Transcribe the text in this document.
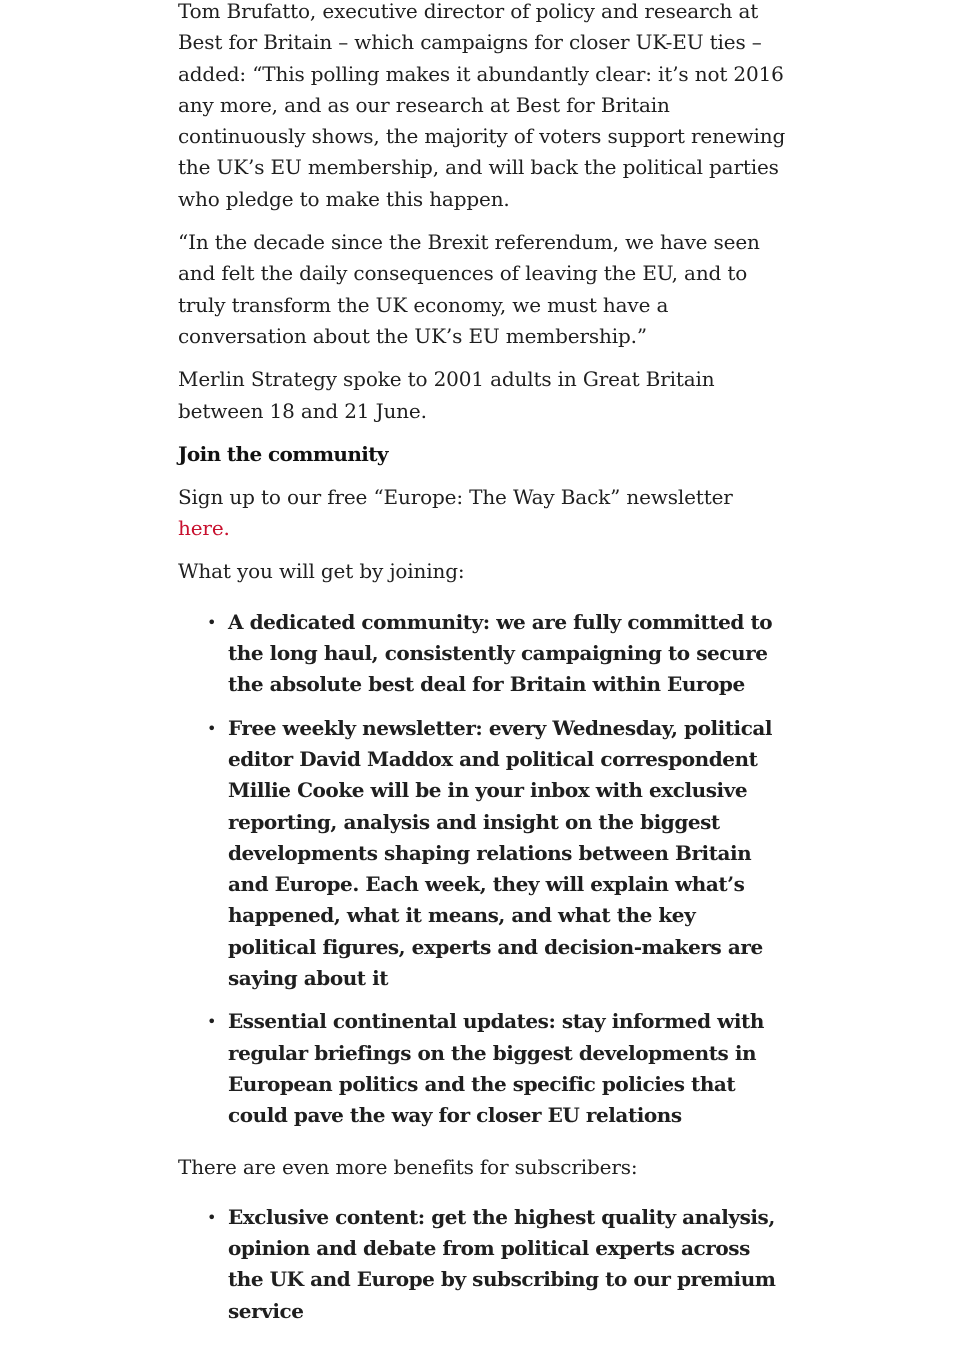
Tom Brufatto, executive director of policy and research at Best for Britain – which campaigns for closer UK-EU ties – added: “This polling makes it abundantly clear: it’s not 2016 any more, and as our research at Best for Britain continuously shows, the majority of voters support renewing the UK’s EU membership, and will back the political parties who pledge to make this happen.

“In the decade since the Brexit referendum, we have seen and felt the daily consequences of leaving the EU, and to truly transform the UK economy, we must have a conversation about the UK’s EU membership.”

Merlin Strategy spoke to 2001 adults in Great Britain between 18 and 21 June.

Join the community

Sign up to our free “Europe: The Way Back” newsletter here.

What you will get by joining:

• A dedicated community: we are fully committed to the long haul, consistently campaigning to secure the absolute best deal for Britain within Europe
• Free weekly newsletter: every Wednesday, political editor David Maddox and political correspondent Millie Cooke will be in your inbox with exclusive reporting, analysis and insight on the biggest developments shaping relations between Britain and Europe. Each week, they will explain what’s happened, what it means, and what the key political figures, experts and decision-makers are saying about it
• Essential continental updates: stay informed with regular briefings on the biggest developments in European politics and the specific policies that could pave the way for closer EU relations

There are even more benefits for subscribers:

• Exclusive content: get the highest quality analysis, opinion and debate from political experts across the UK and Europe by subscribing to our premium service
